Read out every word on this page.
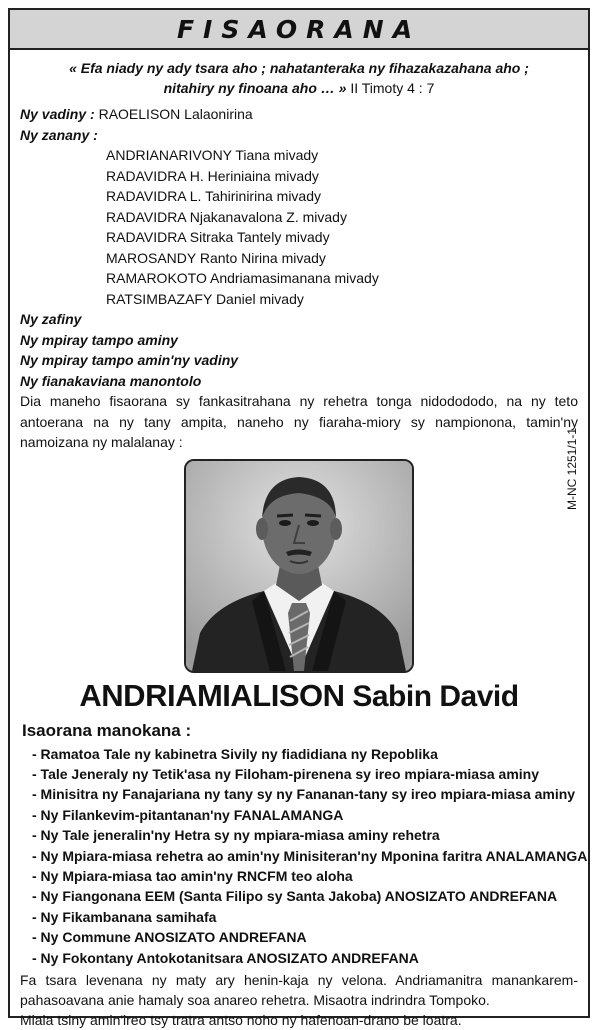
FISAORANA
« Efa niady ny ady tsara aho ; nahatanteraka ny fihazakazahana aho ;
nitahiry ny finoana aho … » II Timoty 4 : 7
Ny vadiny : RAOELISON Lalaonirina
Ny zanany :
ANDRIANARIVONY Tiana mivady
RADAVIDRA H. Heriniaina mivady
RADAVIDRA L. Tahirinirina mivady
RADAVIDRA Njakanavalona Z. mivady
RADAVIDRA Sitraka Tantely mivady
MAROSANDY Ranto Nirina mivady
RAMAROKOTO Andriamasimanana mivady
RATSIMBAZAFY Daniel mivady
Ny zafiny
Ny mpiray tampo aminy
Ny mpiray tampo amin'ny vadiny
Ny fianakaviana manontolo
Dia maneho fisaorana sy fankasitrahana ny rehetra tonga nidodododo, na ny teto antoerana na ny tany ampita, naneho ny fiaraha-miory sy nampionona, tamin'ny namoizana ny malalanay :
ANDRIAMIALISON Sabin David
Isaorana manokana :
- Ramatoa Tale ny kabinetra Sivily ny fiadidiana ny Repoblika
- Tale Jeneraly ny Tetik'asa ny Filoham-pirenena sy ireo mpiara-miasa aminy
- Minisitra ny Fanajariana ny tany sy ny Fananan-tany sy ireo mpiara-miasa aminy
- Ny Filankevim-pitantanan'ny FANALAMANGA
- Ny Tale jeneralin'ny Hetra sy ny mpiara-miasa aminy rehetra
- Ny Mpiara-miasa rehetra ao amin'ny Minisiteran'ny Mponina faritra ANALAMANGA
- Ny Mpiara-miasa tao amin'ny RNCFM teo aloha
- Ny Fiangonana EEM (Santa Filipo sy Santa Jakoba) ANOSIZATO ANDREFANA
- Ny Fikambanana samihafa
- Ny Commune ANOSIZATO ANDREFANA
- Ny Fokontany Antokotanitsara ANOSIZATO ANDREFANA
Fa tsara levenana ny maty ary henin-kaja ny velona. Andriamanitra manankarem-pahasoavana anie hamaly soa anareo rehetra. Misaotra indrindra Tompoko.
Miala tsiny amin'ireo tsy tratra antso noho ny hafenoan-drano be loatra.
M-NC 1251/1-1
